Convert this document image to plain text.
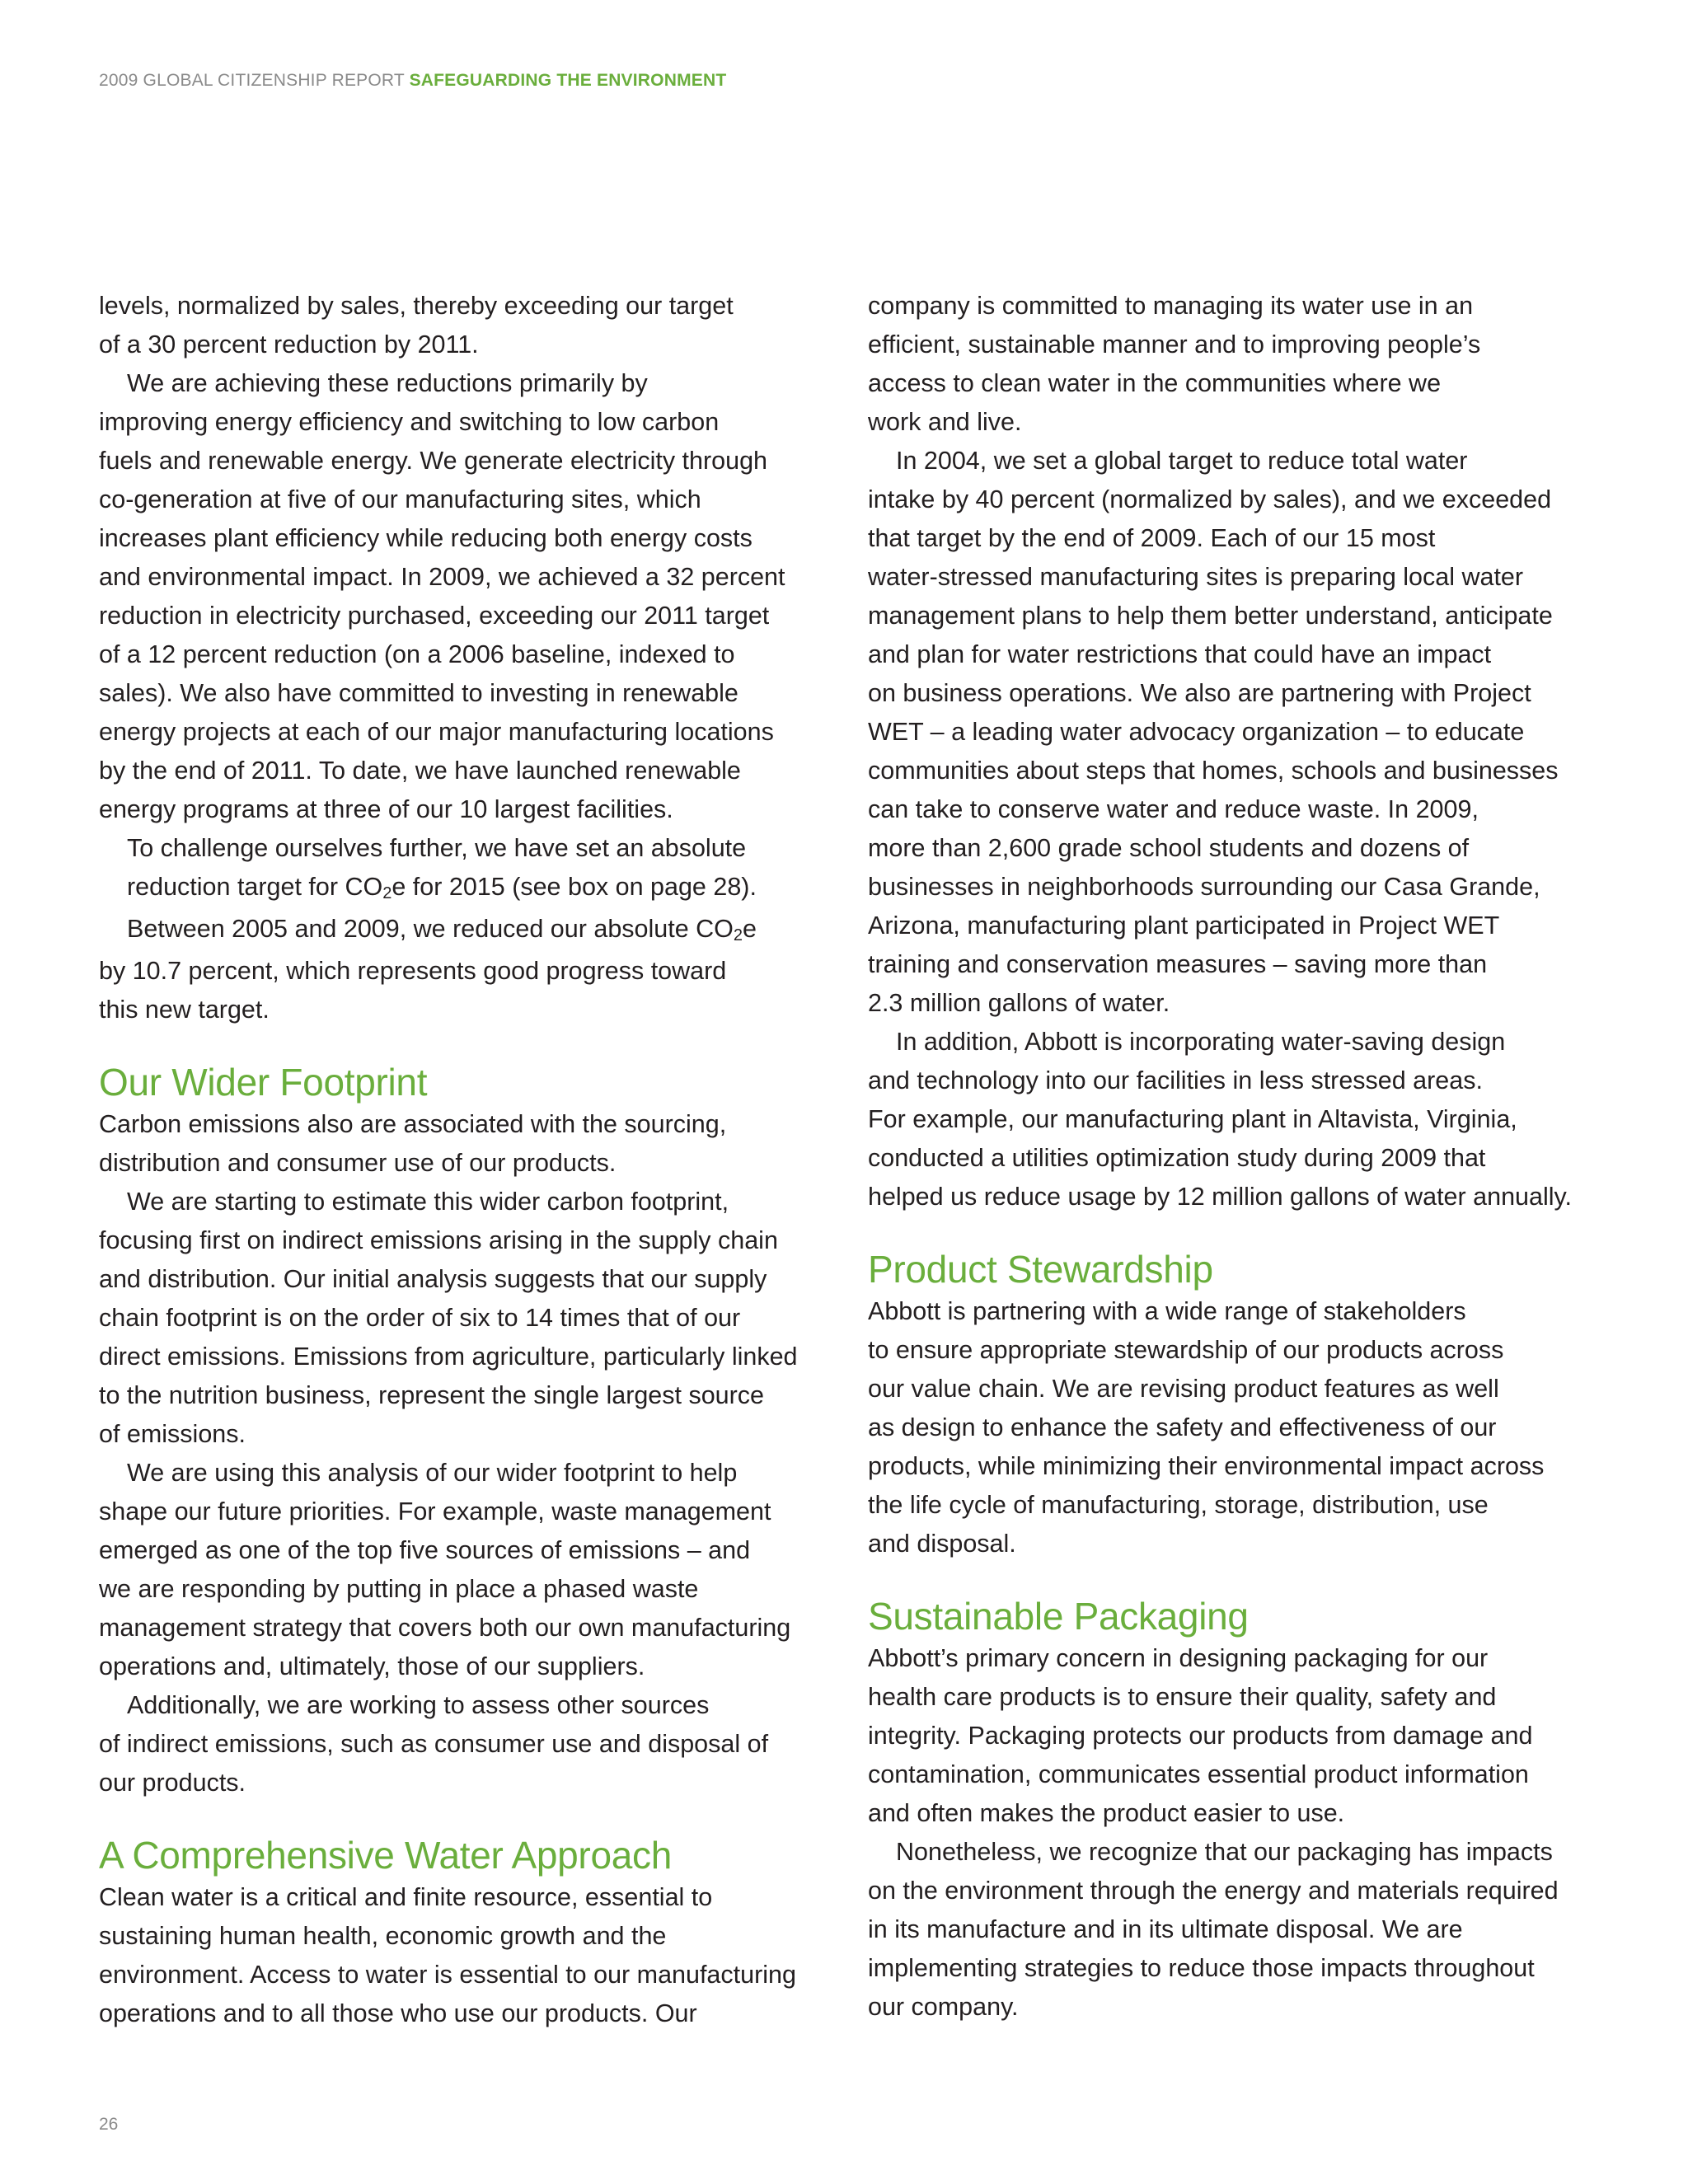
2009 GLOBAL CITIZENSHIP REPORT SAFEGUARDING THE ENVIRONMENT

levels, normalized by sales, thereby exceeding our target
of a 30 percent reduction by 2011.

We are achieving these reductions primarily by
improving energy efficiency and switching to low carbon
fuels and renewable energy. We generate electricity through
co-generation at five of our manufacturing sites, which
increases plant efficiency while reducing both energy costs
and environmental impact. In 2009, we achieved a 32 percent
reduction in electricity purchased, exceeding our 2011 target
of a 12 percent reduction (on a 2006 baseline, indexed to
sales). We also have committed to investing in renewable
energy projects at each of our major manufacturing locations
by the end of 2011. To date, we have launched renewable
energy programs at three of our 10 largest facilities.

To challenge ourselves further, we have set an absolute
reduction target for CO2e for 2015 (see box on page 28).
Between 2005 and 2009, we reduced our absolute CO2e
by 10.7 percent, which represents good progress toward
this new target.

Our Wider Footprint

Carbon emissions also are associated with the sourcing,
distribution and consumer use of our products.

We are starting to estimate this wider carbon footprint,
focusing first on indirect emissions arising in the supply chain
and distribution. Our initial analysis suggests that our supply
chain footprint is on the order of six to 14 times that of our
direct emissions. Emissions from agriculture, particularly linked
to the nutrition business, represent the single largest source
of emissions.

We are using this analysis of our wider footprint to help
shape our future priorities. For example, waste management
emerged as one of the top five sources of emissions – and
we are responding by putting in place a phased waste
management strategy that covers both our own manufacturing
operations and, ultimately, those of our suppliers.

Additionally, we are working to assess other sources
of indirect emissions, such as consumer use and disposal of
our products.

A Comprehensive Water Approach

Clean water is a critical and finite resource, essential to
sustaining human health, economic growth and the
environment. Access to water is essential to our manufacturing
operations and to all those who use our products. Our

company is committed to managing its water use in an
efficient, sustainable manner and to improving people’s
access to clean water in the communities where we
work and live.

In 2004, we set a global target to reduce total water
intake by 40 percent (normalized by sales), and we exceeded
that target by the end of 2009. Each of our 15 most
water-stressed manufacturing sites is preparing local water
management plans to help them better understand, anticipate
and plan for water restrictions that could have an impact
on business operations. We also are partnering with Project
WET – a leading water advocacy organization – to educate
communities about steps that homes, schools and businesses
can take to conserve water and reduce waste. In 2009,
more than 2,600 grade school students and dozens of
businesses in neighborhoods surrounding our Casa Grande,
Arizona, manufacturing plant participated in Project WET
training and conservation measures – saving more than
2.3 million gallons of water.

In addition, Abbott is incorporating water-saving design
and technology into our facilities in less stressed areas.
For example, our manufacturing plant in Altavista, Virginia,
conducted a utilities optimization study during 2009 that
helped us reduce usage by 12 million gallons of water annually.

Product Stewardship

Abbott is partnering with a wide range of stakeholders
to ensure appropriate stewardship of our products across
our value chain. We are revising product features as well
as design to enhance the safety and effectiveness of our
products, while minimizing their environmental impact across
the life cycle of manufacturing, storage, distribution, use
and disposal.

Sustainable Packaging

Abbott’s primary concern in designing packaging for our
health care products is to ensure their quality, safety and
integrity. Packaging protects our products from damage and
contamination, communicates essential product information
and often makes the product easier to use.

Nonetheless, we recognize that our packaging has impacts
on the environment through the energy and materials required
in its manufacture and in its ultimate disposal. We are
implementing strategies to reduce those impacts throughout
our company.

26
